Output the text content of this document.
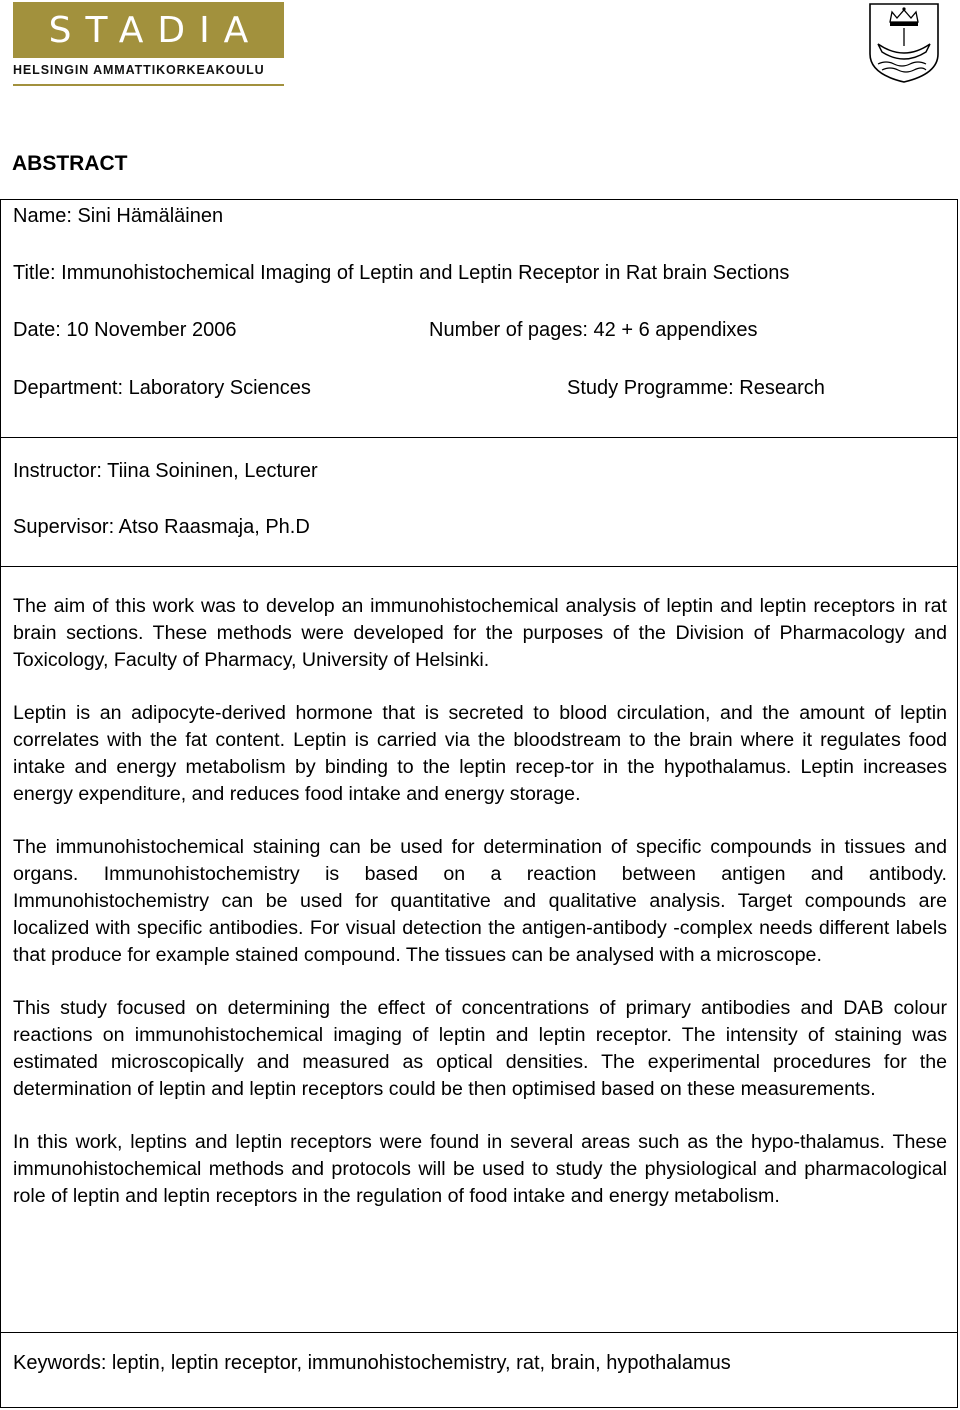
STADIA
HELSINGIN AMMATTIKORKEAKOULU
ABSTRACT
Name: Sini Hämäläinen
Title: Immunohistochemical Imaging of Leptin and Leptin Receptor in Rat brain Sections
Date: 10 November 2006	Number of pages: 42 + 6 appendixes
Department: Laboratory Sciences	Study Programme: Research
Instructor: Tiina Soininen, Lecturer
Supervisor: Atso Raasmaja, Ph.D

The aim of this work was to develop an immunohistochemical analysis of leptin and leptin receptors in rat brain sections. These methods were developed for the purposes of the Division of Pharmacology and Toxicology, Faculty of Pharmacy, University of Helsinki.

Leptin is an adipocyte-derived hormone that is secreted to blood circulation, and the amount of leptin correlates with the fat content. Leptin is carried via the bloodstream to the brain where it regulates food intake and energy metabolism by binding to the leptin recep-tor in the hypothalamus. Leptin increases energy expenditure, and reduces food intake and energy storage.

The immunohistochemical staining can be used for determination of specific compounds in tissues and organs. Immunohistochemistry is based on a reaction between antigen and antibody. Immunohistochemistry can be used for quantitative and qualitative analysis. Target compounds are localized with specific antibodies. For visual detection the antigen-antibody -complex needs different labels that produce for example stained compound. The tissues can be analysed with a microscope.

This study focused on determining the effect of concentrations of primary antibodies and DAB colour reactions on immunohistochemical imaging of leptin and leptin receptor. The intensity of staining was estimated microscopically and measured as optical densities. The experimental procedures for the determination of leptin and leptin receptors could be then optimised based on these measurements.

In this work, leptins and leptin receptors were found in several areas such as the hypo-thalamus. These immunohistochemical methods and protocols will be used to study the physiological and pharmacological role of leptin and leptin receptors in the regulation of food intake and energy metabolism.

Keywords: leptin, leptin receptor, immunohistochemistry, rat, brain, hypothalamus
